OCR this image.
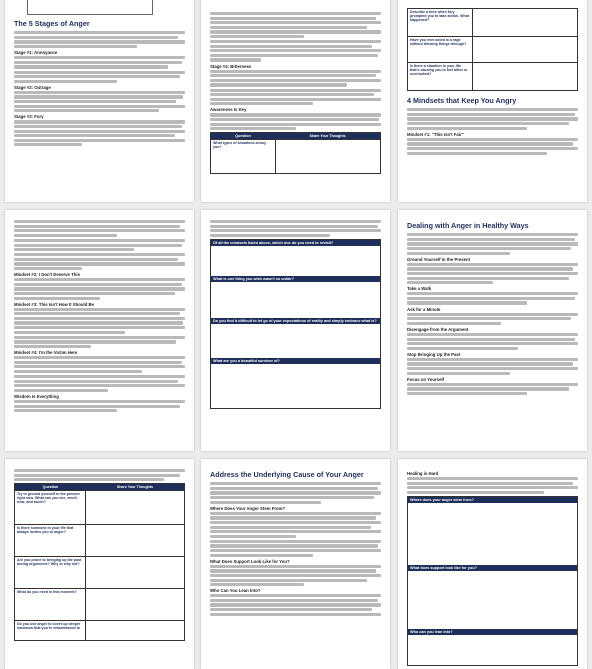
The 5 Stages of Anger
Stage #1: Annoyance
Stage #2: Outrage
Stage #3: Fury
Stage #4: Bitterness
Awareness Is Key
Question	Share Your Thoughts
What types of situations annoy you?	
Describe a time when fury prompted you to take action. What happened?	
Have you ever acted in a rage without thinking things through?	
Is there a situation in your life that's causing you to feel bitter or overlooked?	
4 Mindsets that Keep You Angry
Mindset #1: "This Isn't Fair"
Mindset #2: I Don't Deserve This
Mindset #3: This Isn't How It Should Be
Mindset #4: I'm the Victim Here
Wisdom Is Everything
Of all the mindsets listed above, which one do you need to revisit?
What is one thing you wish wasn't so unfair?
Do you find it difficult to let go of your expectations of reality and simply embrace what is?
What are you a beautiful survivor of?
Dealing with Anger in Healthy Ways
Ground Yourself in the Present
Take a Walk
Ask for a Minute
Disengage from the Argument
Stop Bringing Up the Past
Focus on Yourself
Question	Share Your Thoughts
Try to ground yourself in the present right now. What can you see, smell, hear, and touch?	
Is there someone in your life that always incites you to anger?	
Are you prone to bringing up the past during arguments? Why or why not?	
What do you need in this moment?	
Do you use anger to cover up deeper emotions that you're embarrassed to	
Address the Underlying Cause of Your Anger
Where Does Your Anger Stem From?
What Does Support Look Like for You?
Who Can You Lean Into?
Healing is Hard
Where does your anger stem from?
What does support look like for you?
Who can you lean into?
